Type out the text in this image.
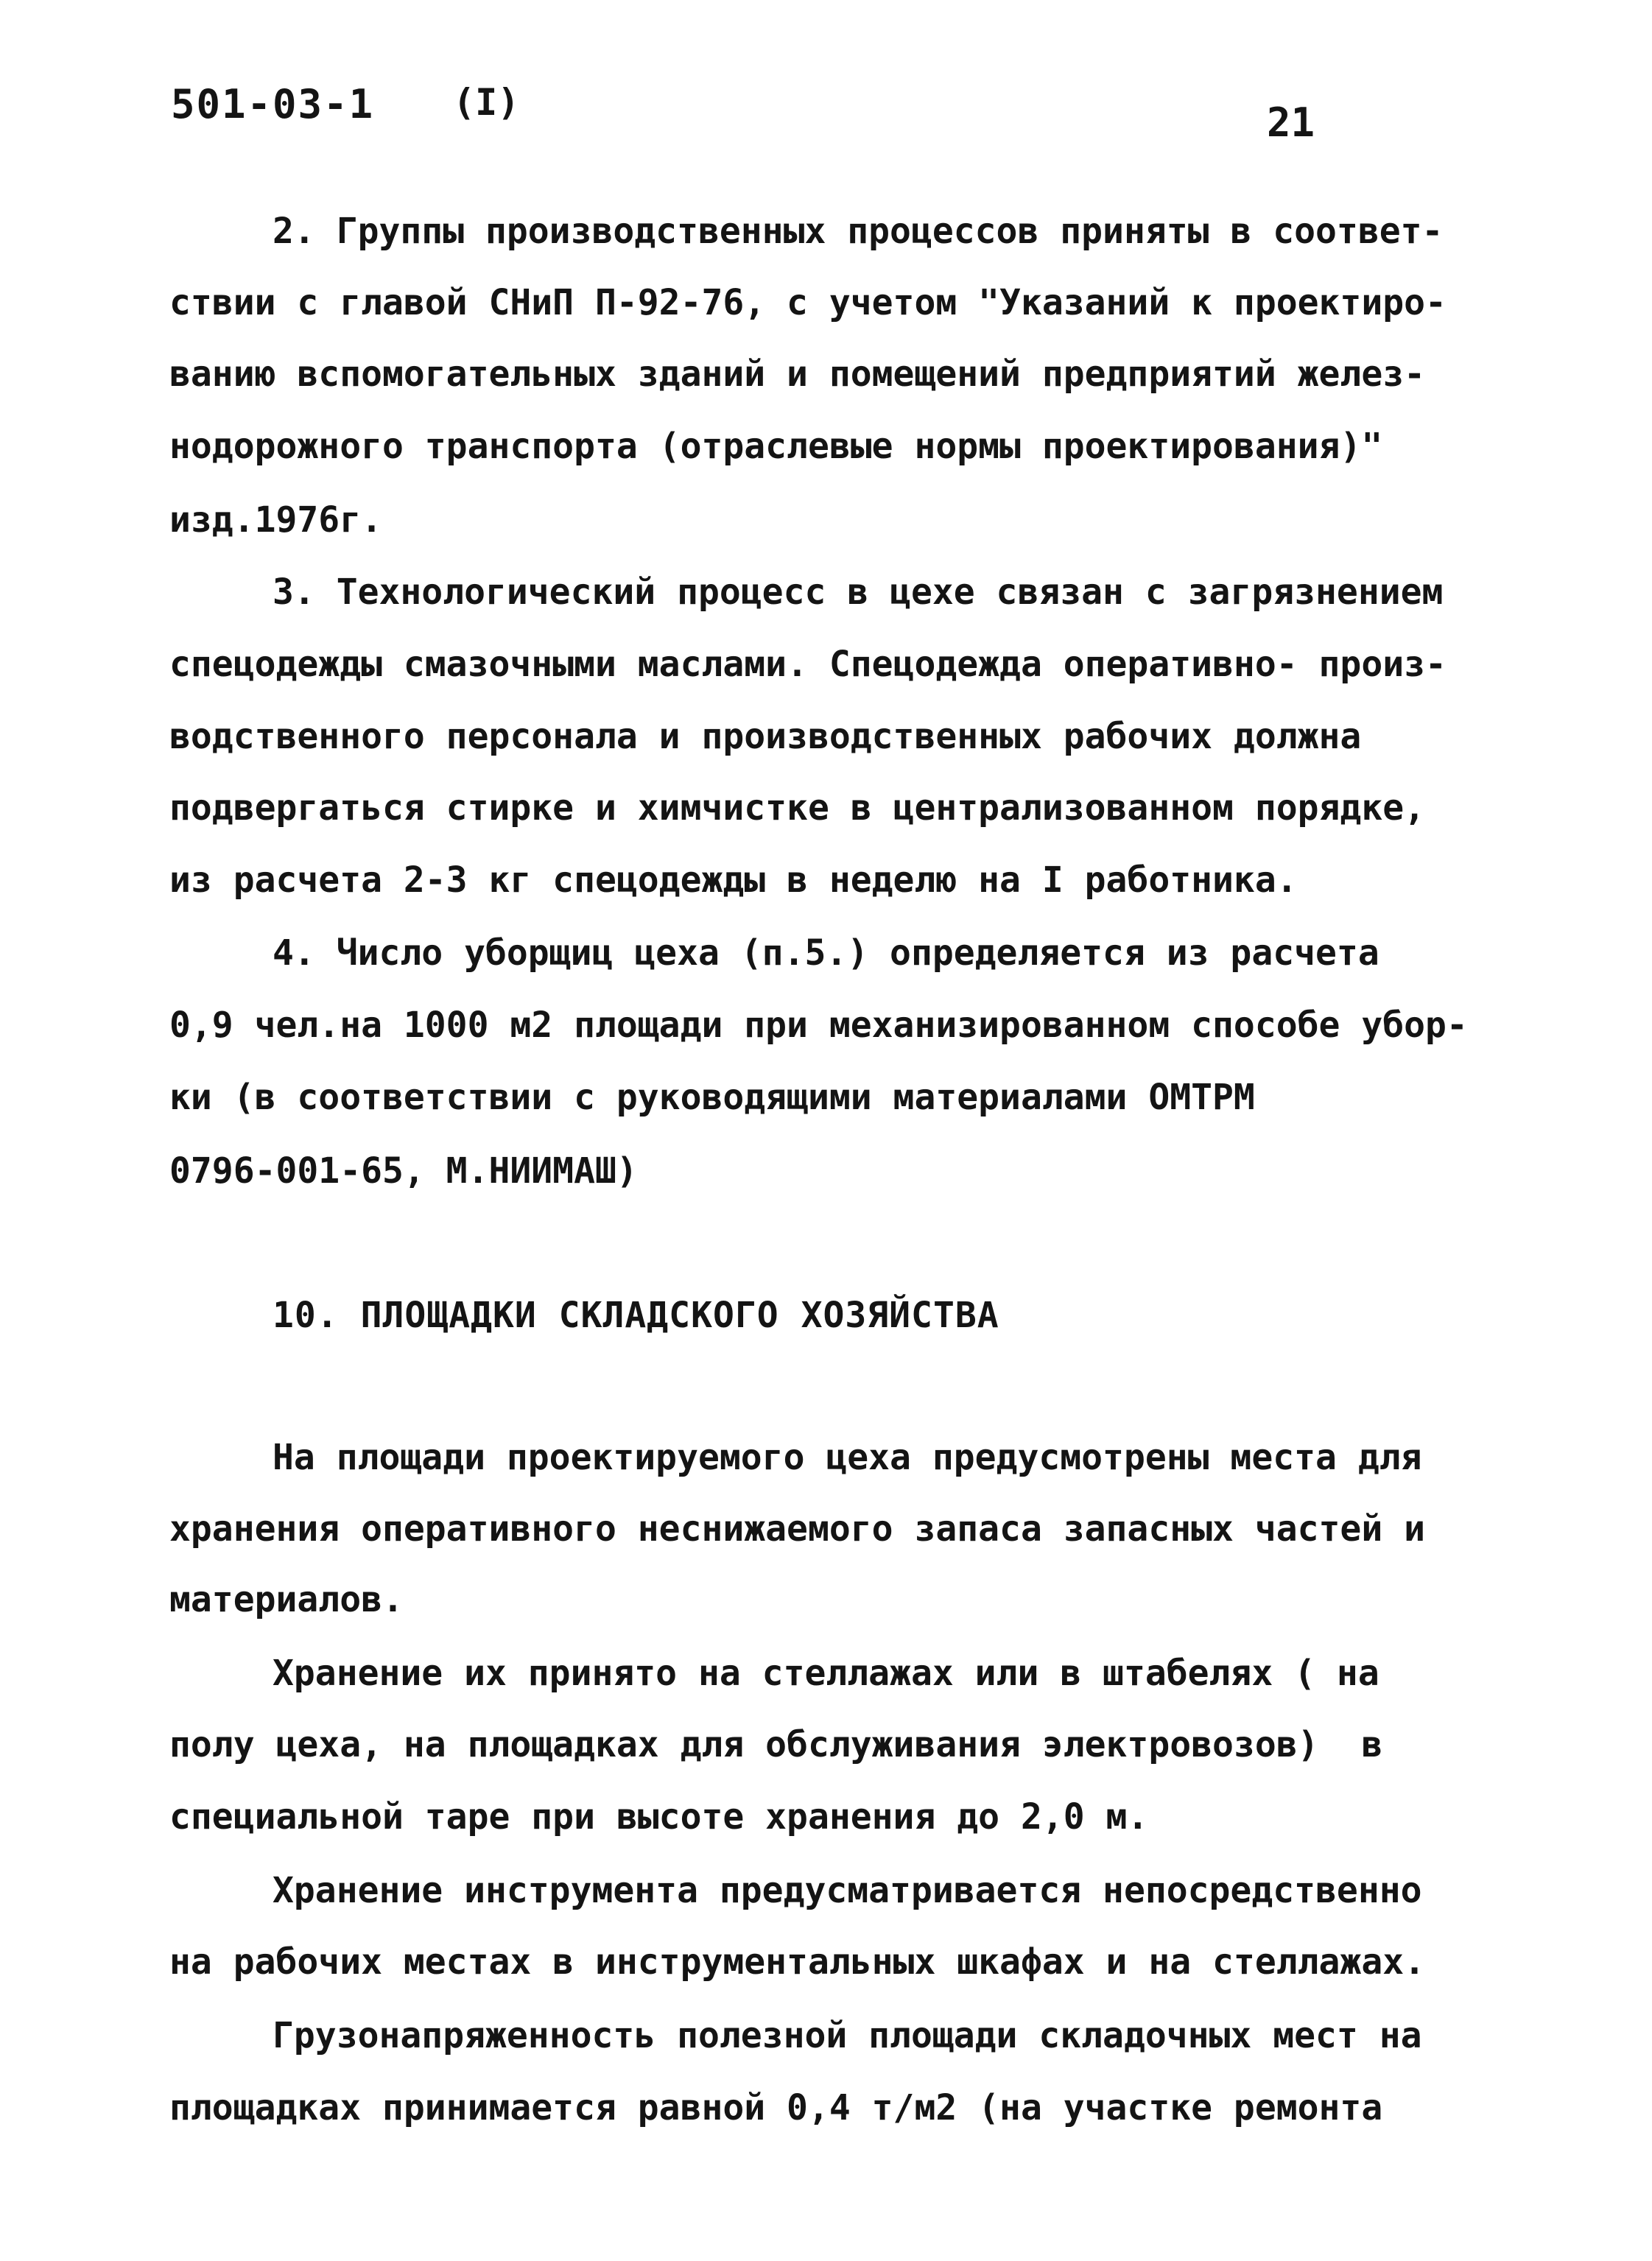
501-03-1 (I)	21
2. Группы производственных процессов приняты в соответ-
ствии с главой СНиП П-92-76, с учетом "Указаний к проектиро-
ванию вспомогательных зданий и помещений предприятий желез-
нодорожного транспорта (отраслевые нормы проектирования)"
изд.1976г.
3. Технологический процесс в цехе связан с загрязнением
спецодежды смазочными маслами. Спецодежда оперативно- произ-
водственного персонала и производственных рабочих должна
подвергаться стирке и химчистке в централизованном порядке,
из расчета 2-3 кг спецодежды в неделю на I работника.
4. Число уборщиц цеха (п.5.) определяется из расчета
0,9 чел.на 1000 м2 площади при механизированном способе убор-
ки (в соответствии с руководящими материалами ОМТРМ
0796-001-65, М.НИИМАШ)
10. ПЛОЩАДКИ СКЛАДСКОГО ХОЗЯЙСТВА
На площади проектируемого цеха предусмотрены места для
хранения оперативного неснижаемого запаса запасных частей и
материалов.
Хранение их принято на стеллажах или в штабелях ( на
полу цеха, на площадках для обслуживания электровозов)  в
специальной таре при высоте хранения до 2,0 м.
Хранение инструмента предусматривается непосредственно
на рабочих местах в инструментальных шкафах и на стеллажах.
Грузонапряженность полезной площади складочных мест на
площадках принимается равной 0,4 т/м2 (на участке ремонта
